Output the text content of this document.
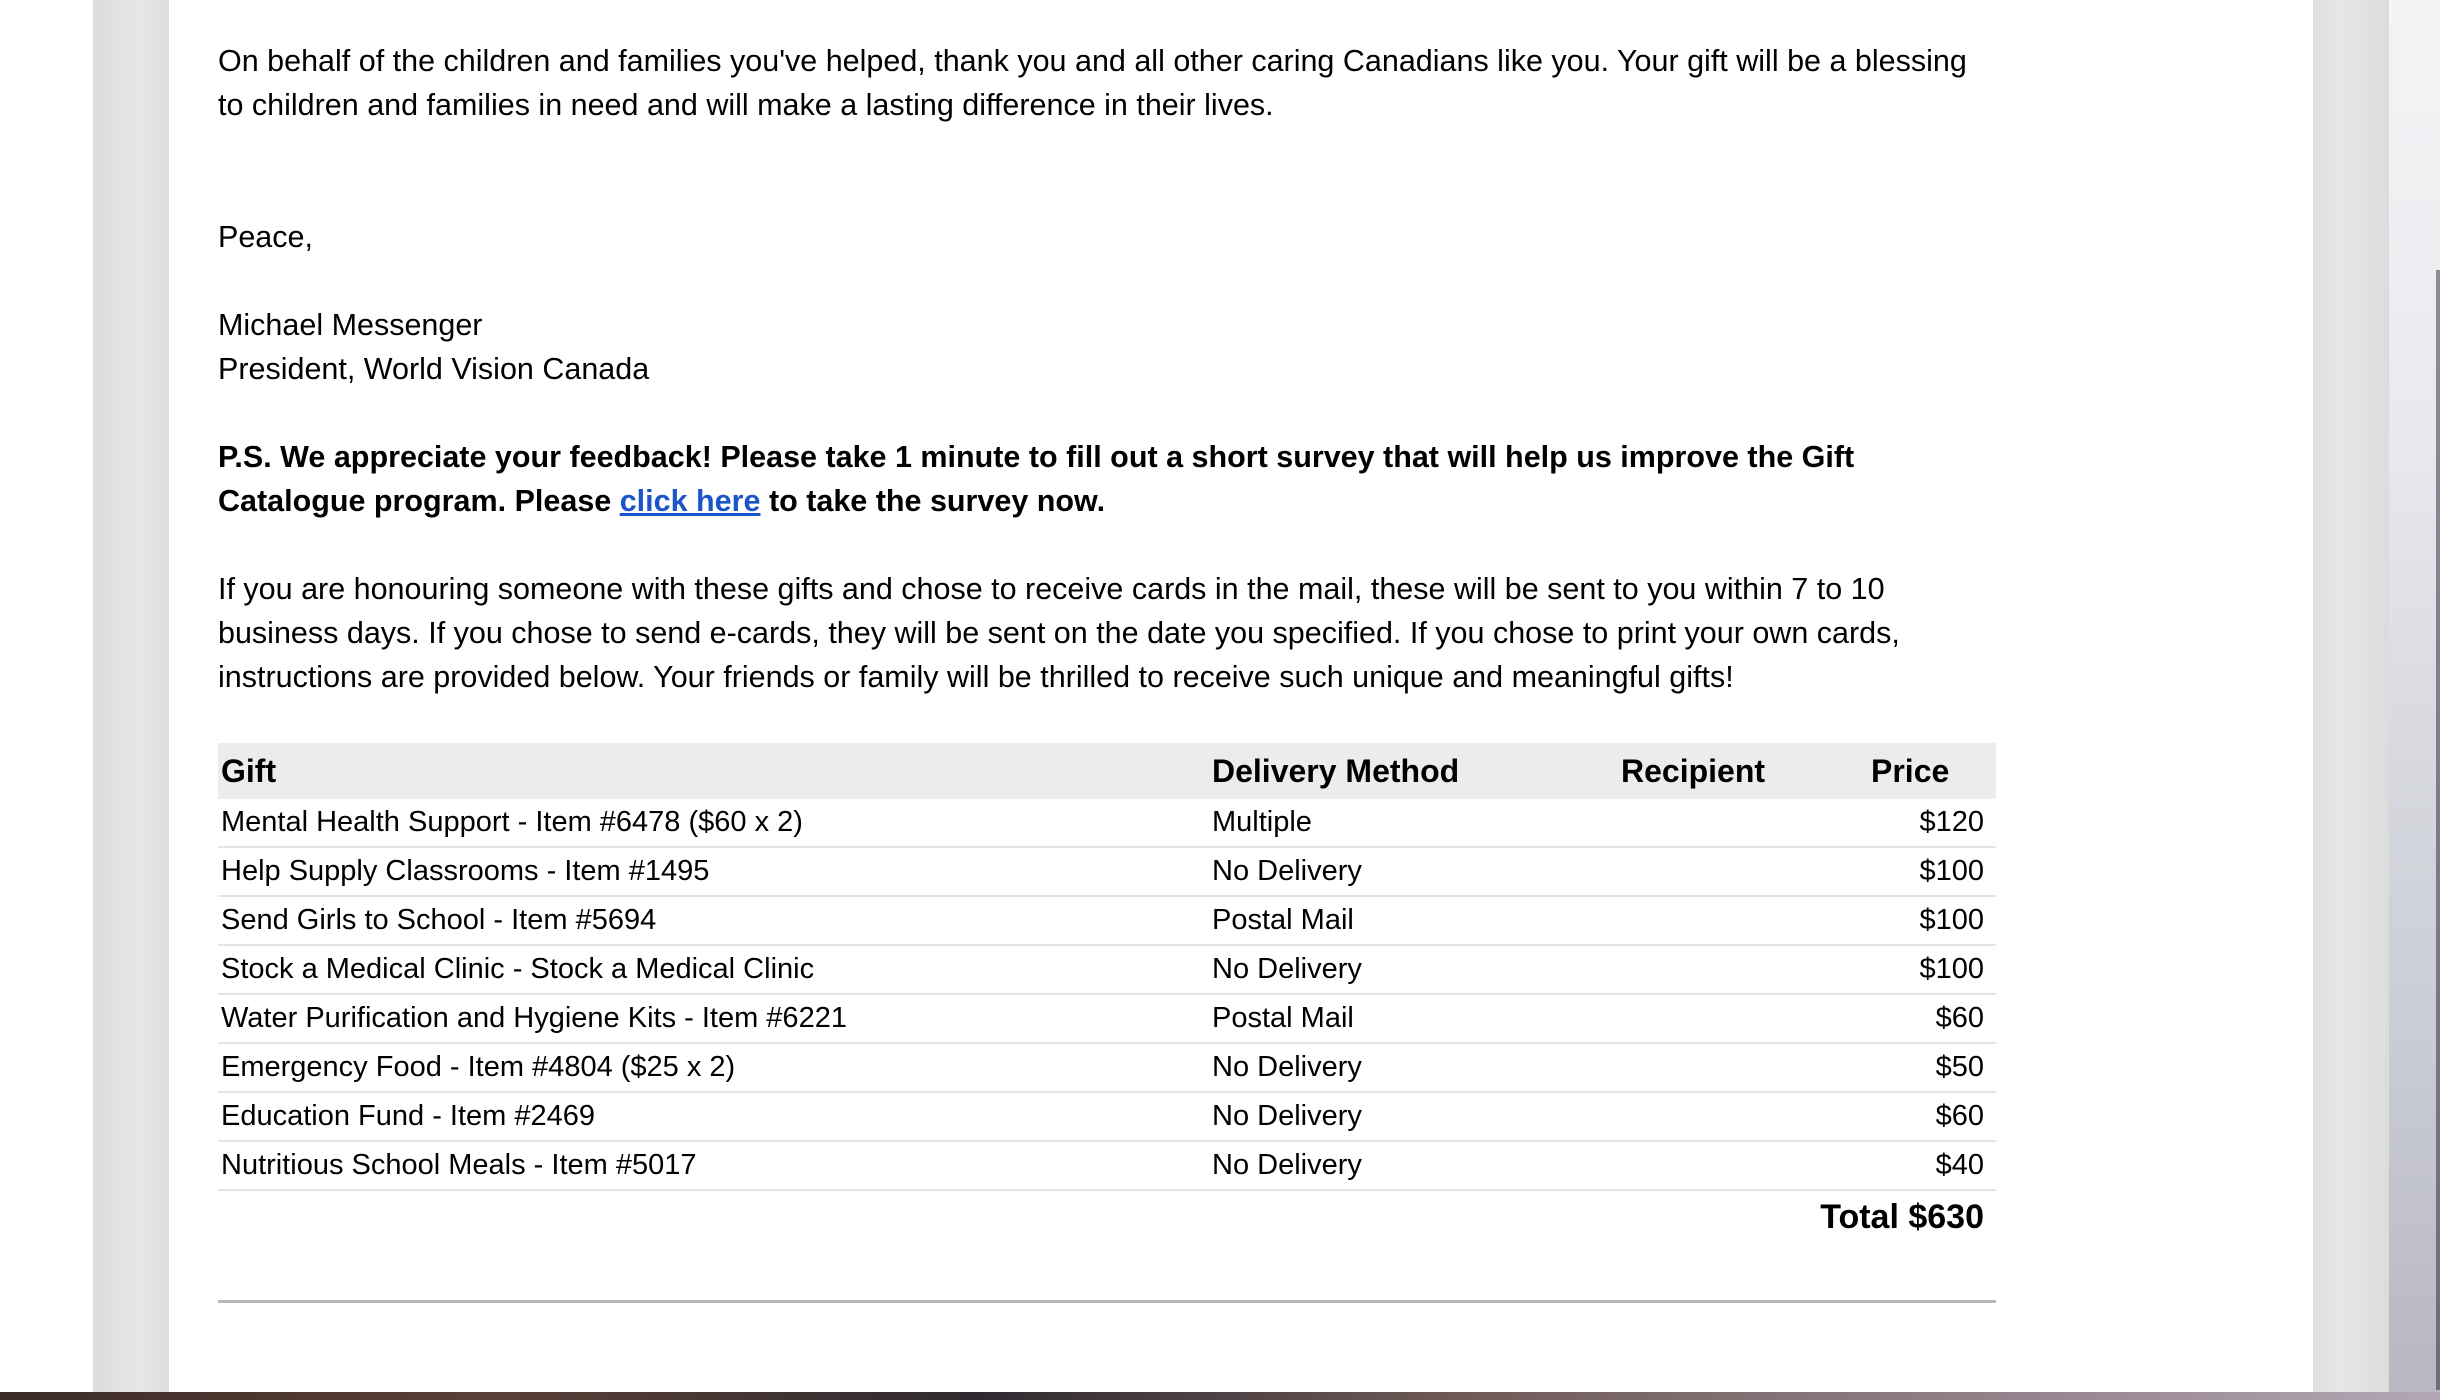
On behalf of the children and families you've helped, thank you and all other caring Canadians like you. Your gift will be a blessing to children and families in need and will make a lasting difference in their lives.

Peace,

Michael Messenger
President, World Vision Canada

P.S. We appreciate your feedback! Please take 1 minute to fill out a short survey that will help us improve the Gift Catalogue program. Please click here to take the survey now.

If you are honouring someone with these gifts and chose to receive cards in the mail, these will be sent to you within 7 to 10 business days. If you chose to send e-cards, they will be sent on the date you specified. If you chose to print your own cards, instructions are provided below. Your friends or family will be thrilled to receive such unique and meaningful gifts!

Gift	Delivery Method	Recipient	Price
Mental Health Support - Item #6478 ($60 x 2)	Multiple		$120
Help Supply Classrooms - Item #1495	No Delivery		$100
Send Girls to School - Item #5694	Postal Mail		$100
Stock a Medical Clinic - Stock a Medical Clinic	No Delivery		$100
Water Purification and Hygiene Kits - Item #6221	Postal Mail		$60
Emergency Food - Item #4804 ($25 x 2)	No Delivery		$50
Education Fund - Item #2469	No Delivery		$60
Nutritious School Meals - Item #5017	No Delivery		$40
Total $630			
